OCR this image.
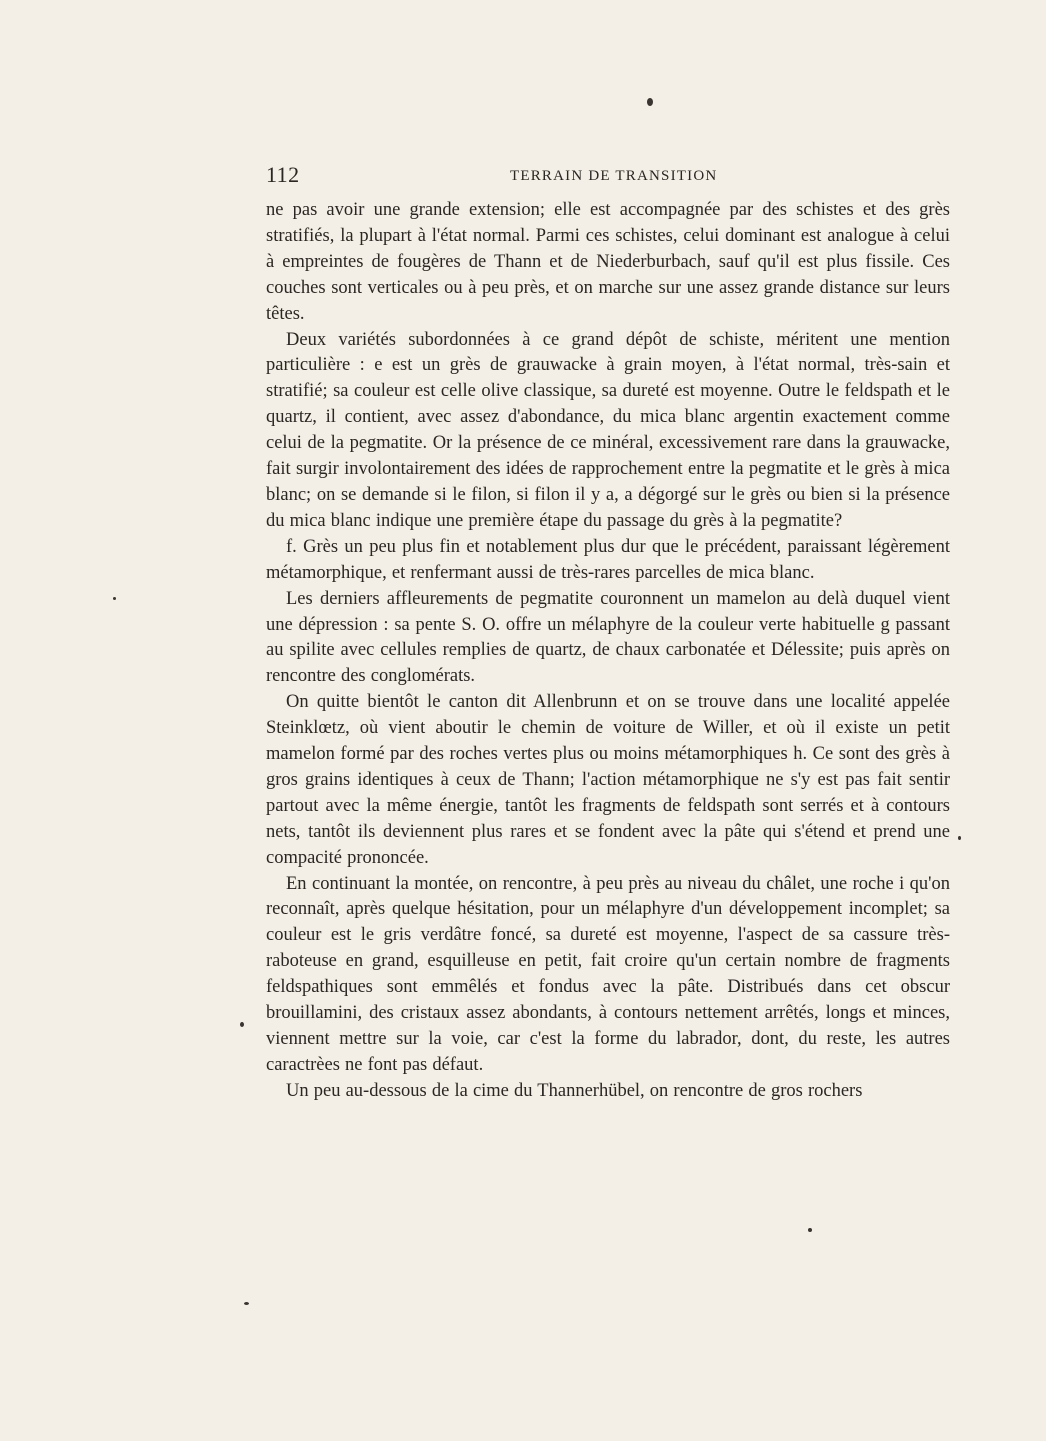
112	TERRAIN DE TRANSITION

ne pas avoir une grande extension; elle est accompagnée par des schistes et des grès stratifiés, la plupart à l'état normal. Parmi ces schistes, celui dominant est analogue à celui à empreintes de fougères de Thann et de Niederburbach, sauf qu'il est plus fissile. Ces couches sont verticales ou à peu près, et on marche sur une assez grande distance sur leurs têtes.

Deux variétés subordonnées à ce grand dépôt de schiste, méritent une mention particulière : e est un grès de grauwacke à grain moyen, à l'état normal, très-sain et stratifié; sa couleur est celle olive classique, sa dureté est moyenne. Outre le feldspath et le quartz, il contient, avec assez d'abondance, du mica blanc argentin exactement comme celui de la pegmatite. Or la présence de ce minéral, excessivement rare dans la grauwacke, fait surgir involontairement des idées de rapprochement entre la pegmatite et le grès à mica blanc; on se demande si le filon, si filon il y a, a dégorgé sur le grès ou bien si la présence du mica blanc indique une première étape du passage du grès à la pegmatite?

f. Grès un peu plus fin et notablement plus dur que le précédent, paraissant légèrement métamorphique, et renfermant aussi de très-rares parcelles de mica blanc.

Les derniers affleurements de pegmatite couronnent un mamelon au delà duquel vient une dépression : sa pente S. O. offre un mélaphyre de la couleur verte habituelle g passant au spilite avec cellules remplies de quartz, de chaux carbonatée et Délessite; puis après on rencontre des conglomérats.

On quitte bientôt le canton dit Allenbrunn et on se trouve dans une localité appelée Steinklœtz, où vient aboutir le chemin de voiture de Willer, et où il existe un petit mamelon formé par des roches vertes plus ou moins métamorphiques h. Ce sont des grès à gros grains identiques à ceux de Thann; l'action métamorphique ne s'y est pas fait sentir partout avec la même énergie, tantôt les fragments de feldspath sont serrés et à contours nets, tantôt ils deviennent plus rares et se fondent avec la pâte qui s'étend et prend une compacité prononcée.

En continuant la montée, on rencontre, à peu près au niveau du châlet, une roche i qu'on reconnaît, après quelque hésitation, pour un mélaphyre d'un développement incomplet; sa couleur est le gris verdâtre foncé, sa dureté est moyenne, l'aspect de sa cassure très-raboteuse en grand, esquilleuse en petit, fait croire qu'un certain nombre de fragments feldspathiques sont emmêlés et fondus avec la pâte. Distribués dans cet obscur brouillamini, des cristaux assez abondants, à contours nettement arrêtés, longs et minces, viennent mettre sur la voie, car c'est la forme du labrador, dont, du reste, les autres caractrèes ne font pas défaut.

Un peu au-dessous de la cime du Thannerhübel, on rencontre de gros rochers
